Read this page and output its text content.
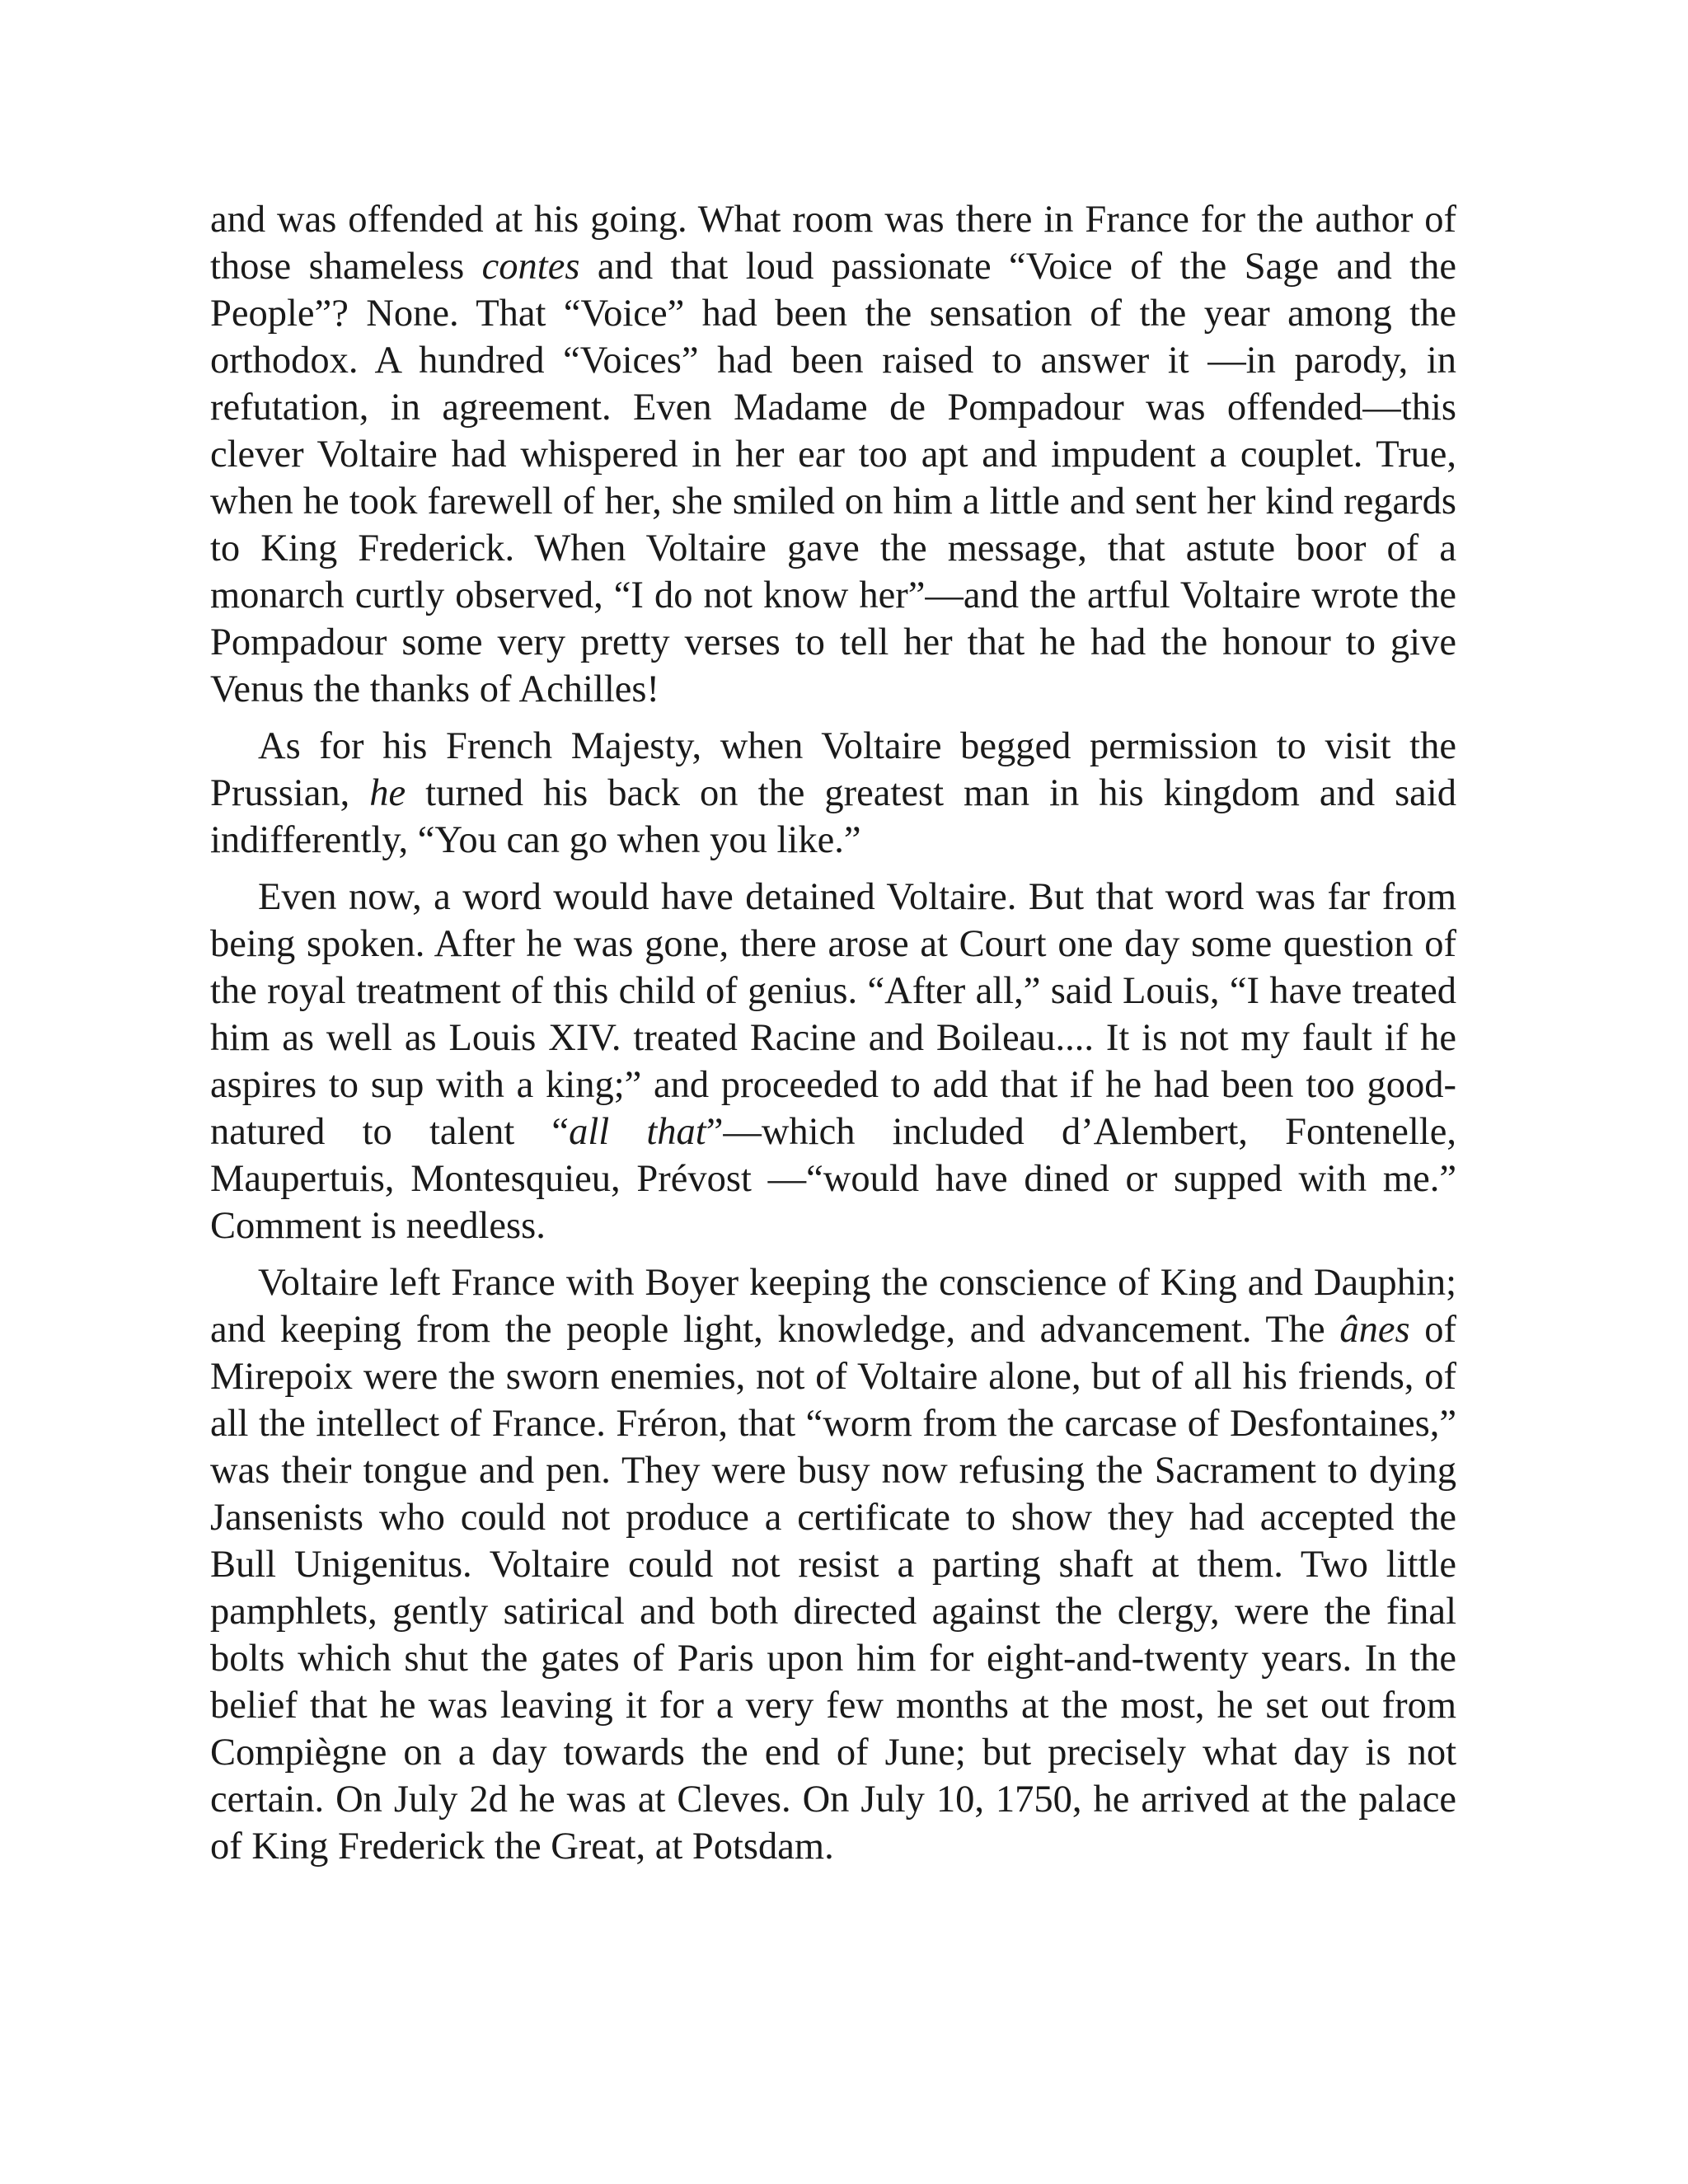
and was offended at his going. What room was there in France for the author of those shameless contes and that loud passionate “Voice of the Sage and the People”? None. That “Voice” had been the sensation of the year among the orthodox. A hundred “Voices” had been raised to answer it —in parody, in refutation, in agreement. Even Madame de Pompadour was offended—this clever Voltaire had whispered in her ear too apt and impudent a couplet. True, when he took farewell of her, she smiled on him a little and sent her kind regards to King Frederick. When Voltaire gave the message, that astute boor of a monarch curtly observed, “I do not know her”—and the artful Voltaire wrote the Pompadour some very pretty verses to tell her that he had the honour to give Venus the thanks of Achilles!

As for his French Majesty, when Voltaire begged permission to visit the Prussian, he turned his back on the greatest man in his kingdom and said indifferently, “You can go when you like.”

Even now, a word would have detained Voltaire. But that word was far from being spoken. After he was gone, there arose at Court one day some question of the royal treatment of this child of genius. “After all,” said Louis, “I have treated him as well as Louis XIV. treated Racine and Boileau.... It is not my fault if he aspires to sup with a king;” and proceeded to add that if he had been too good-natured to talent “all that”—which included d’Alembert, Fontenelle, Maupertuis, Montesquieu, Prévost —“would have dined or supped with me.” Comment is needless.

Voltaire left France with Boyer keeping the conscience of King and Dauphin; and keeping from the people light, knowledge, and advancement. The ânes of Mirepoix were the sworn enemies, not of Voltaire alone, but of all his friends, of all the intellect of France. Fréron, that “worm from the carcase of Desfontaines,” was their tongue and pen. They were busy now refusing the Sacrament to dying Jansenists who could not produce a certificate to show they had accepted the Bull Unigenitus. Voltaire could not resist a parting shaft at them. Two little pamphlets, gently satirical and both directed against the clergy, were the final bolts which shut the gates of Paris upon him for eight-and-twenty years. In the belief that he was leaving it for a very few months at the most, he set out from Compiègne on a day towards the end of June; but precisely what day is not certain. On July 2d he was at Cleves. On July 10, 1750, he arrived at the palace of King Frederick the Great, at Potsdam.
